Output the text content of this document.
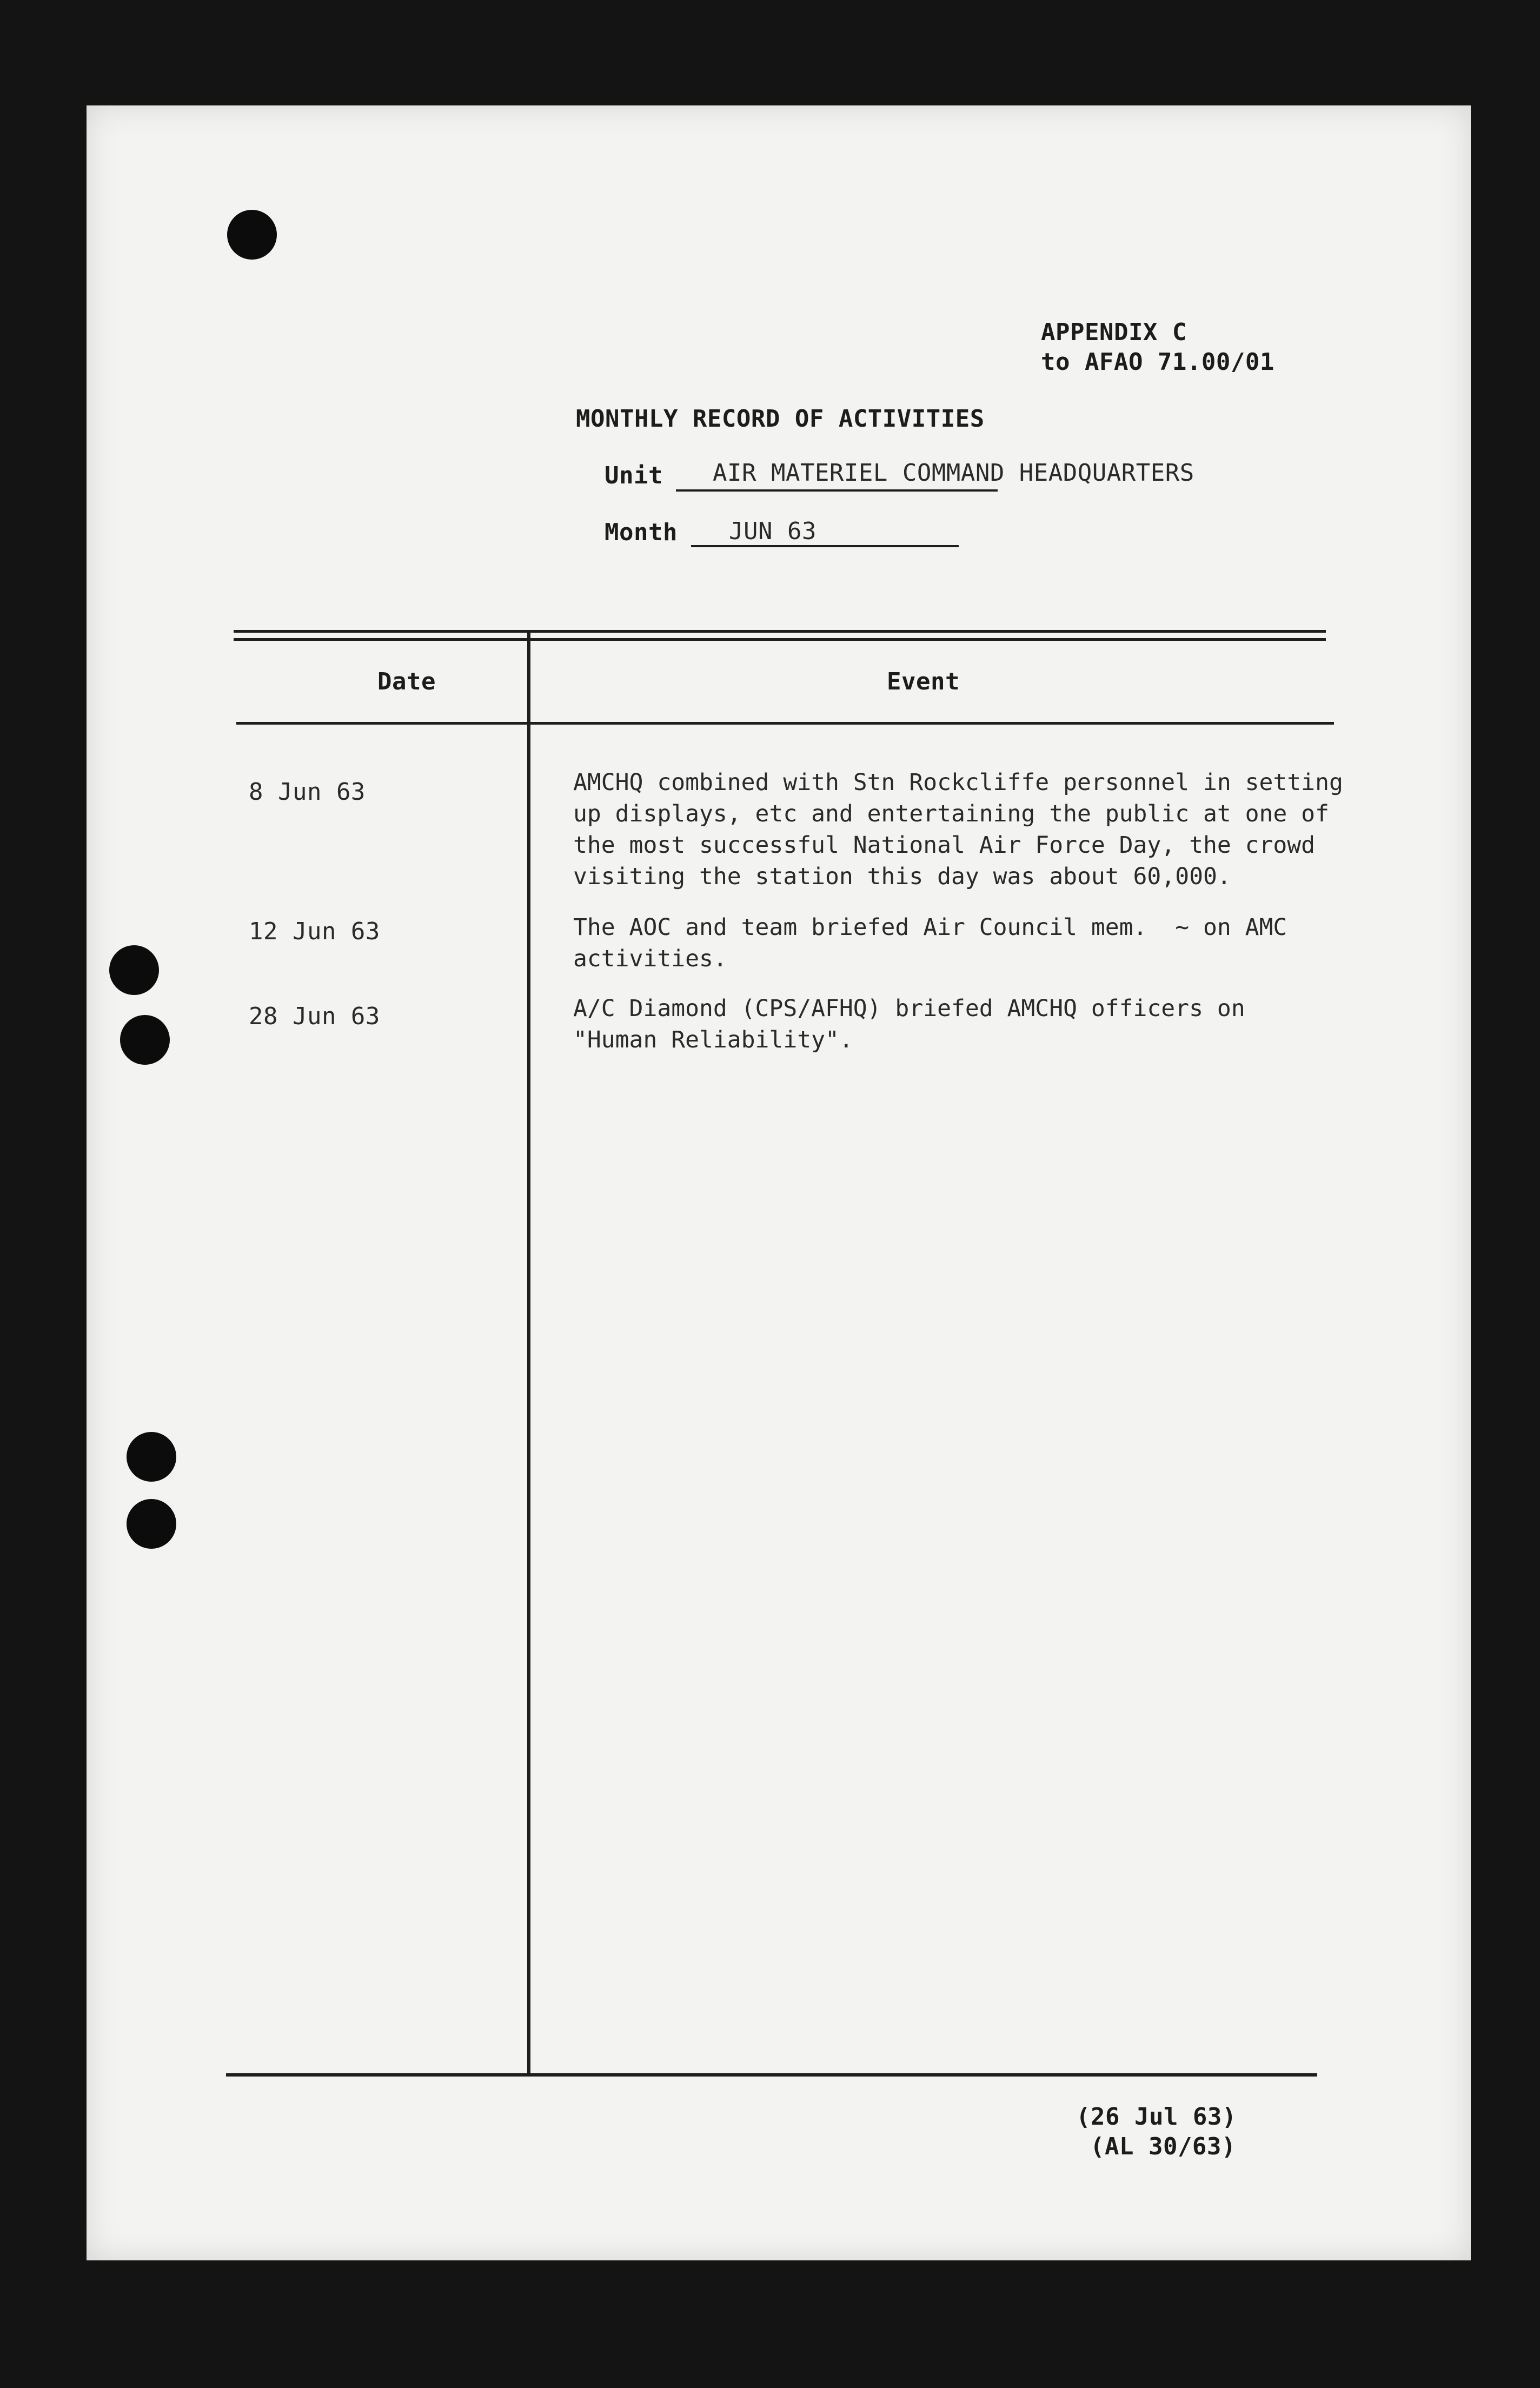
APPENDIX C
to AFAO 71.00/01
MONTHLY RECORD OF ACTIVITIES
Unit AIR MATERIEL COMMAND HEADQUARTERS
Month JUN 63
Date	Event
8 Jun 63	AMCHQ combined with Stn Rockcliffe personnel in setting
up displays, etc and entertaining the public at one of
the most successful National Air Force Day, the crowd
visiting the station this day was about 60,000.
12 Jun 63	The AOC and team briefed Air Council mem.  ~ on AMC
activities.
28 Jun 63	A/C Diamond (CPS/AFHQ) briefed AMCHQ officers on
"Human Reliability".
(26 Jul 63)
(AL 30/63)
